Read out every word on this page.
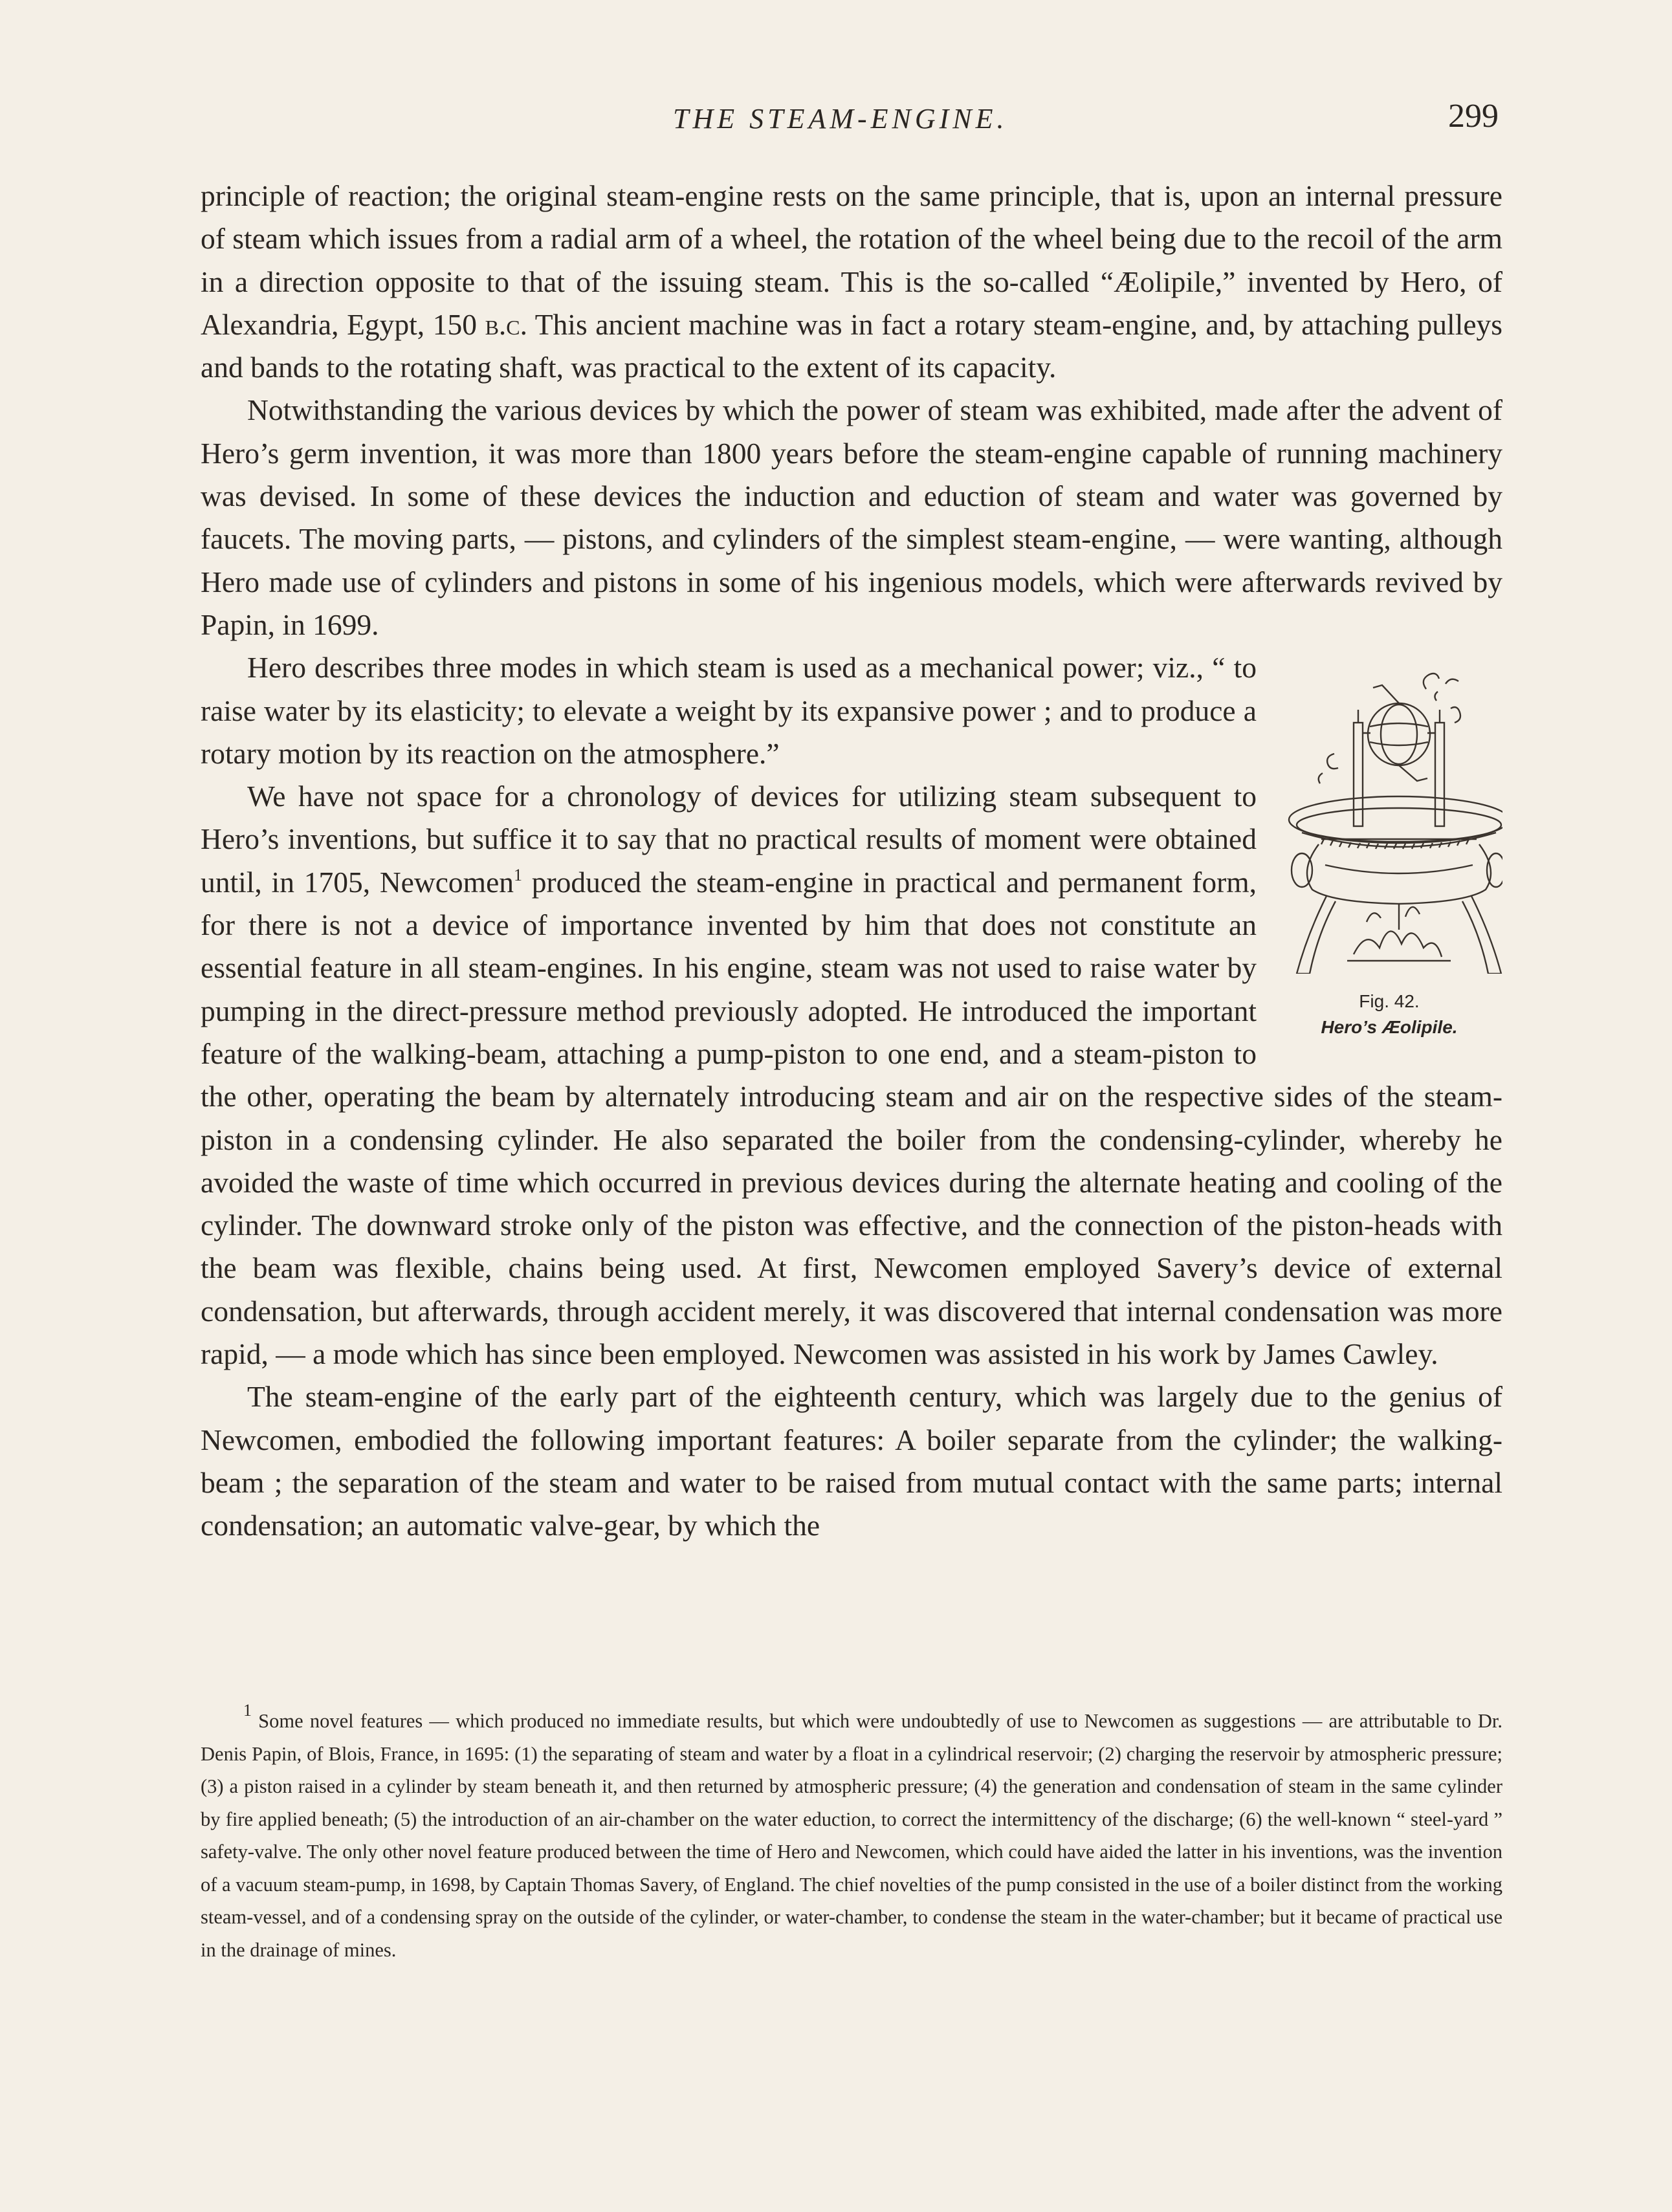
THE STEAM-ENGINE.	299

principle of reaction; the original steam-engine rests on the same principle, that is, upon an internal pressure of steam which issues from a radial arm of a wheel, the rotation of the wheel being due to the recoil of the arm in a direction opposite to that of the issuing steam. This is the so-called “Æolipile,” invented by Hero, of Alexandria, Egypt, 150 b.c. This ancient machine was in fact a rotary steam-engine, and, by attaching pulleys and bands to the rotating shaft, was practical to the extent of its capacity.

Notwithstanding the various devices by which the power of steam was exhibited, made after the advent of Hero’s germ invention, it was more than 1800 years before the steam-engine capable of running machinery was devised. In some of these devices the induction and eduction of steam and water was governed by faucets. The moving parts, — pistons, and cylinders of the simplest steam-engine, — were wanting, although Hero made use of cylinders and pistons in some of his ingenious models, which were afterwards revived by Papin, in 1699.

Fig. 42.
Hero’s Æolipile.

Hero describes three modes in which steam is used as a mechanical power; viz., “ to raise water by its elasticity; to elevate a weight by its expansive power ; and to produce a rotary motion by its reaction on the atmosphere.”

We have not space for a chronology of devices for utilizing steam subsequent to Hero’s inventions, but suffice it to say that no practical results of moment were obtained until, in 1705, Newcomen$^1$ produced the steam-engine in practical and permanent form, for there is not a device of importance invented by him that does not constitute an essential feature in all steam-engines. In his engine, steam was not used to raise water by pumping in the direct-pressure method previously adopted. He introduced the important feature of the walking-beam, attaching a pump-piston to one end, and a steam-piston to the other, operating the beam by alternately introducing steam and air on the respective sides of the steam-piston in a condensing cylinder. He also separated the boiler from the condensing-cylinder, whereby he avoided the waste of time which occurred in previous devices during the alternate heating and cooling of the cylinder. The downward stroke only of the piston was effective, and the connection of the piston-heads with the beam was flexible, chains being used. At first, Newcomen employed Savery’s device of external condensation, but afterwards, through accident merely, it was discovered that internal condensation was more rapid, — a mode which has since been employed. Newcomen was assisted in his work by James Cawley.

The steam-engine of the early part of the eighteenth century, which was largely due to the genius of Newcomen, embodied the following important features: A boiler separate from the cylinder; the walking-beam ; the separation of the steam and water to be raised from mutual contact with the same parts; internal condensation; an automatic valve-gear, by which the

$^1$ Some novel features — which produced no immediate results, but which were undoubtedly of use to Newcomen as suggestions — are attributable to Dr. Denis Papin, of Blois, France, in 1695: (1) the separating of steam and water by a float in a cylindrical reservoir; (2) charging the reservoir by atmospheric pressure; (3) a piston raised in a cylinder by steam beneath it, and then returned by atmospheric pressure; (4) the generation and condensation of steam in the same cylinder by fire applied beneath; (5) the introduction of an air-chamber on the water eduction, to correct the intermittency of the discharge; (6) the well-known “ steel-yard ” safety-valve. The only other novel feature produced between the time of Hero and Newcomen, which could have aided the latter in his inventions, was the invention of a vacuum steam-pump, in 1698, by Captain Thomas Savery, of England. The chief novelties of the pump consisted in the use of a boiler distinct from the working steam-vessel, and of a condensing spray on the outside of the cylinder, or water-chamber, to condense the steam in the water-chamber; but it became of practical use in the drainage of mines.
